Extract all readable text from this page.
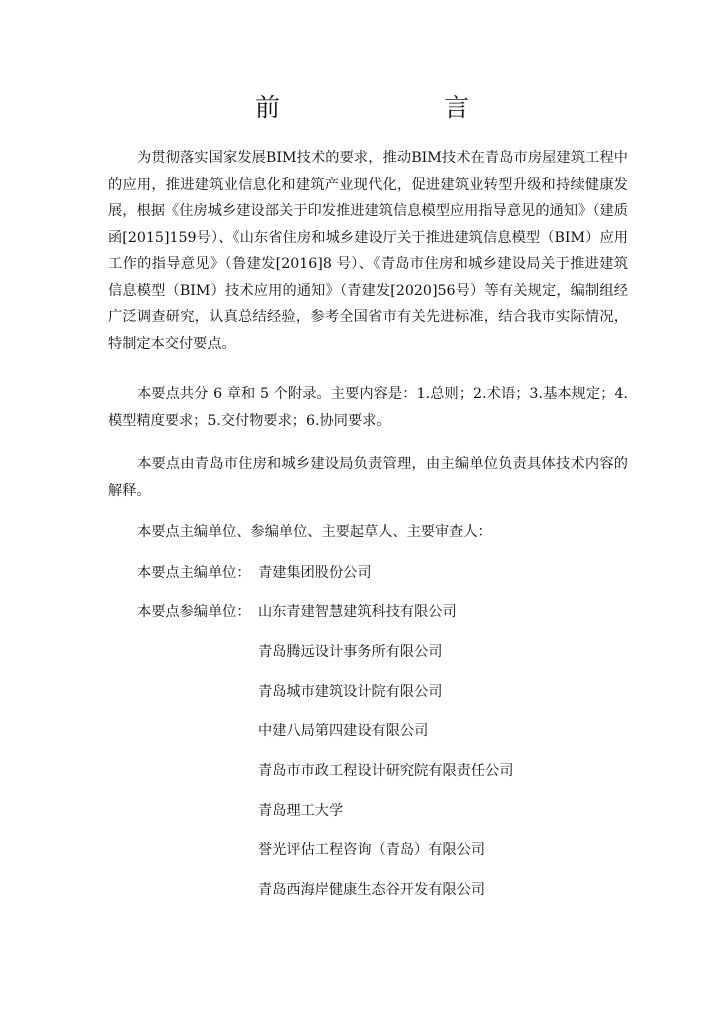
前　　言

为贯彻落实国家发展BIM技术的要求，推动BIM技术在青岛市房屋建筑工程中的应用，推进建筑业信息化和建筑产业现代化，促进建筑业转型升级和持续健康发展，根据《住房城乡建设部关于印发推进建筑信息模型应用指导意见的通知》（建质函[2015]159号）、《山东省住房和城乡建设厅关于推进建筑信息模型（BIM）应用工作的指导意见》（鲁建发[2016]8 号）、《青岛市住房和城乡建设局关于推进建筑信息模型（BIM）技术应用的通知》（青建发[2020]56号）等有关规定，编制组经广泛调查研究，认真总结经验，参考全国省市有关先进标准，结合我市实际情况，特制定本交付要点。

本要点共分 6 章和 5 个附录。主要内容是：1.总则；2.术语；3.基本规定；4.模型精度要求；5.交付物要求；6.协同要求。

本要点由青岛市住房和城乡建设局负责管理，由主编单位负责具体技术内容的解释。

本要点主编单位、参编单位、主要起草人、主要审查人：
本要点主编单位： 青建集团股份公司
本要点参编单位： 山东青建智慧建筑科技有限公司
青岛腾远设计事务所有限公司
青岛城市建筑设计院有限公司
中建八局第四建设有限公司
青岛市市政工程设计研究院有限责任公司
青岛理工大学
誉光评估工程咨询（青岛）有限公司
青岛西海岸健康生态谷开发有限公司
